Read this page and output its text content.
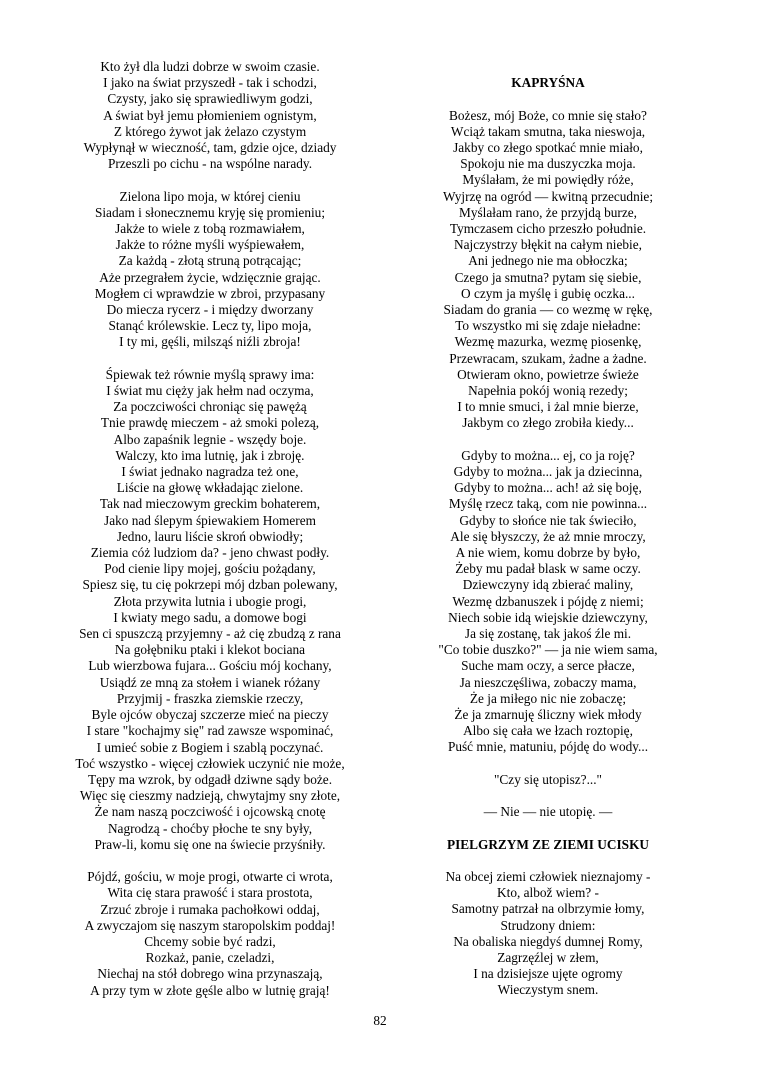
Kto żył dla ludzi dobrze w swoim czasie.
I jako na świat przyszedł - tak i schodzi,
Czysty, jako się sprawiedliwym godzi,
A świat był jemu płomieniem ognistym,
Z którego żywot jak żelazo czystym
Wypłynął w wieczność, tam, gdzie ojce, dziady
Przeszli po cichu - na wspólne narady.
Zielona lipo moja, w której cieniu
Siadam i słonecznemu kryję się promieniu;
Jakże to wiele z tobą rozmawiałem,
Jakże to różne myśli wyśpiewałem,
Za każdą - złotą struną potrącając;
Aże przegrałem życie, wdzięcznie grając.
Mogłem ci wprawdzie w zbroi, przypasany
Do miecza rycerz - i między dworzany
Stanąć królewskie. Lecz ty, lipo moja,
I ty mi, gęśli, milsząś niźli zbroja!
Śpiewak też równie myślą sprawy ima:
I świat mu cięży jak hełm nad oczyma,
Za poczciwości chroniąc się pawężą
Tnie prawdę mieczem - aż smoki polezą,
Albo zapaśnik legnie - wszędy boje.
Walczy, kto ima lutnię, jak i zbroję.
I świat jednako nagradza też one,
Liście na głowę wkładając zielone.
Tak nad mieczowym greckim bohaterem,
Jako nad ślepym śpiewakiem Homerem
Jedno, lauru liście skroń obwiodły;
Ziemia cóż ludziom da? - jeno chwast podły.
Pod cienie lipy mojej, gościu pożądany,
Spiesz się, tu cię pokrzepi mój dzban polewany,
Złota przywita lutnia i ubogie progi,
I kwiaty mego sadu, a domowe bogi
Sen ci spuszczą przyjemny - aż cię zbudzą z rana
Na gołębniku ptaki i klekot bociana
Lub wierzbowa fujara... Gościu mój kochany,
Usiądź ze mną za stołem i wianek różany
Przyjmij - fraszka ziemskie rzeczy,
Byle ojców obyczaj szczerze mieć na pieczy
I stare "kochajmy się" rad zawsze wspominać,
I umieć sobie z Bogiem i szablą poczynać.
Toć wszystko - więcej człowiek uczynić nie może,
Tępy ma wzrok, by odgadł dziwne sądy boże.
Więc się cieszmy nadzieją, chwytajmy sny złote,
Że nam naszą poczciwość i ojcowską cnotę
Nagrodzą - choćby płoche te sny były,
Praw-li, komu się one na świecie przyśniły.
Pójdź, gościu, w moje progi, otwarte ci wrota,
Wita cię stara prawość i stara prostota,
Zrzuć zbroje i rumaka pachołkowi oddaj,
A zwyczajom się naszym staropolskim poddaj!
Chcemy sobie być radzi,
Rozkaż, panie, czeladzi,
Niechaj na stół dobrego wina przynaszają,
A przy tym w złote gęśle albo w lutnię grają!
KAPRYŚNA
Bożesz, mój Boże, co mnie się stało?
Wciąż takam smutna, taka nieswoja,
Jakby co złego spotkać mnie miało,
Spokoju nie ma duszyczka moja.
Myślałam, że mi powiędły róże,
Wyjrzę na ogród — kwitną przecudnie;
Myślałam rano, że przyjdą burze,
Tymczasem cicho przeszło południe.
Najczystrzy błękit na całym niebie,
Ani jednego nie ma obłoczka;
Czego ja smutna? pytam się siebie,
O czym ja myślę i gubię oczka...
Siadam do grania — co wezmę w rękę,
To wszystko mi się zdaje nieładne:
Wezmę mazurka, wezmę piosenkę,
Przewracam, szukam, żadne a żadne.
Otwieram okno, powietrze świeże
Napełnia pokój wonią rezedy;
I to mnie smuci, i żal mnie bierze,
Jakbym co złego zrobiła kiedy...
Gdyby to można... ej, co ja roję?
Gdyby to można... jak ja dziecinna,
Gdyby to można... ach! aż się boję,
Myślę rzecz taką, com nie powinna...
Gdyby to słońce nie tak świeciło,
Ale się błyszczy, że aż mnie mroczy,
A nie wiem, komu dobrze by było,
Żeby mu padał blask w same oczy.
Dziewczyny idą zbierać maliny,
Wezmę dzbanuszek i pójdę z niemi;
Niech sobie idą wiejskie dziewczyny,
Ja się zostanę, tak jakoś źle mi.
"Co tobie duszko?" — ja nie wiem sama,
Suche mam oczy, a serce płacze,
Ja nieszczęśliwa, zobaczy mama,
Że ja miłego nic nie zobaczę;
Że ja zmarnuję śliczny wiek młody
Albo się cała we łzach roztopię,
Puść mnie, matuniu, pójdę do wody...
"Czy się utopisz?..."
— Nie — nie utopię. —
PIELGRZYM ZE ZIEMI UCISKU
Na obcej ziemi człowiek nieznajomy -
Kto, albož wiem? -
Samotny patrzał na olbrzymie łomy,
Strudzony dniem:
Na obaliska niegdyś dumnej Romy,
Zagrzęźlej w złem,
I na dzisiejsze ujęte ogromy
Wieczystym snem.
82
